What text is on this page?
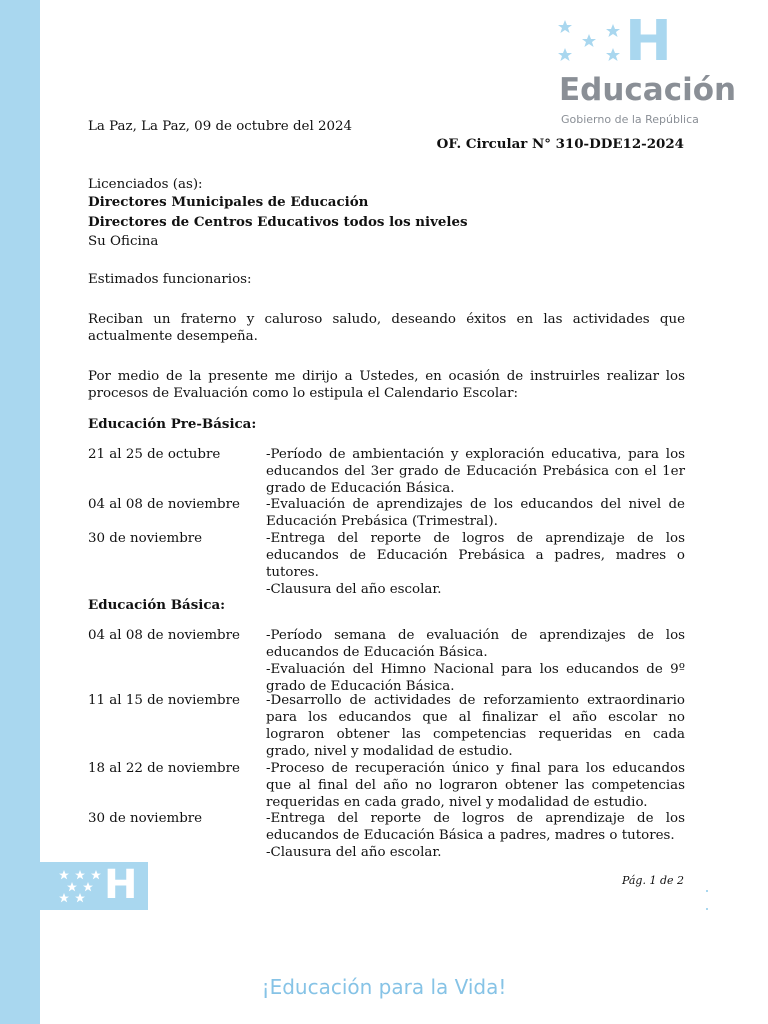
H
H
Educación
Gobierno de la República
La Paz, La Paz, 09 de octubre del 2024
OF. Circular N° 310-DDE12-2024
Licenciados (as):
Directores Municipales de Educación
Directores de Centros Educativos todos los niveles
Su Oficina
Estimados funcionarios:
Reciban un fraterno y caluroso saludo, deseando éxitos en las actividades que actualmente desempeña.
Por medio de la presente me dirijo a Ustedes, en ocasión de instruirles realizar los procesos de Evaluación como lo estipula el Calendario Escolar:
Educación Pre-Básica:
21 al 25 de octubre	-Período de ambientación y exploración educativa, para los educandos del 3er grado de Educación Prebásica con el 1er grado de Educación Básica.
04 al 08 de noviembre -Evaluación de aprendizajes de los educandos del nivel de Educación Prebásica (Trimestral).
30 de noviembre	-Entrega del reporte de logros de aprendizaje de los educandos de Educación Prebásica a padres, madres o tutores.
-Clausura del año escolar.
Educación Básica:
04 al 08 de noviembre -Período semana de evaluación de aprendizajes de los educandos de Educación Básica.
-Evaluación del Himno Nacional para los educandos de 9º grado de Educación Básica.
11 al 15 de noviembre -Desarrollo de actividades de reforzamiento extraordinario para los educandos que al finalizar el año escolar no lograron obtener las competencias requeridas en cada grado, nivel y modalidad de estudio.
18 al 22 de noviembre -Proceso de recuperación único y final para los educandos que al final del año no lograron obtener las competencias requeridas en cada grado, nivel y modalidad de estudio.
30 de noviembre	-Entrega del reporte de logros de aprendizaje de los educandos de Educación Básica a padres, madres o tutores.
-Clausura del año escolar.
Pág. 1 de 2
¡Educación para la Vida!
